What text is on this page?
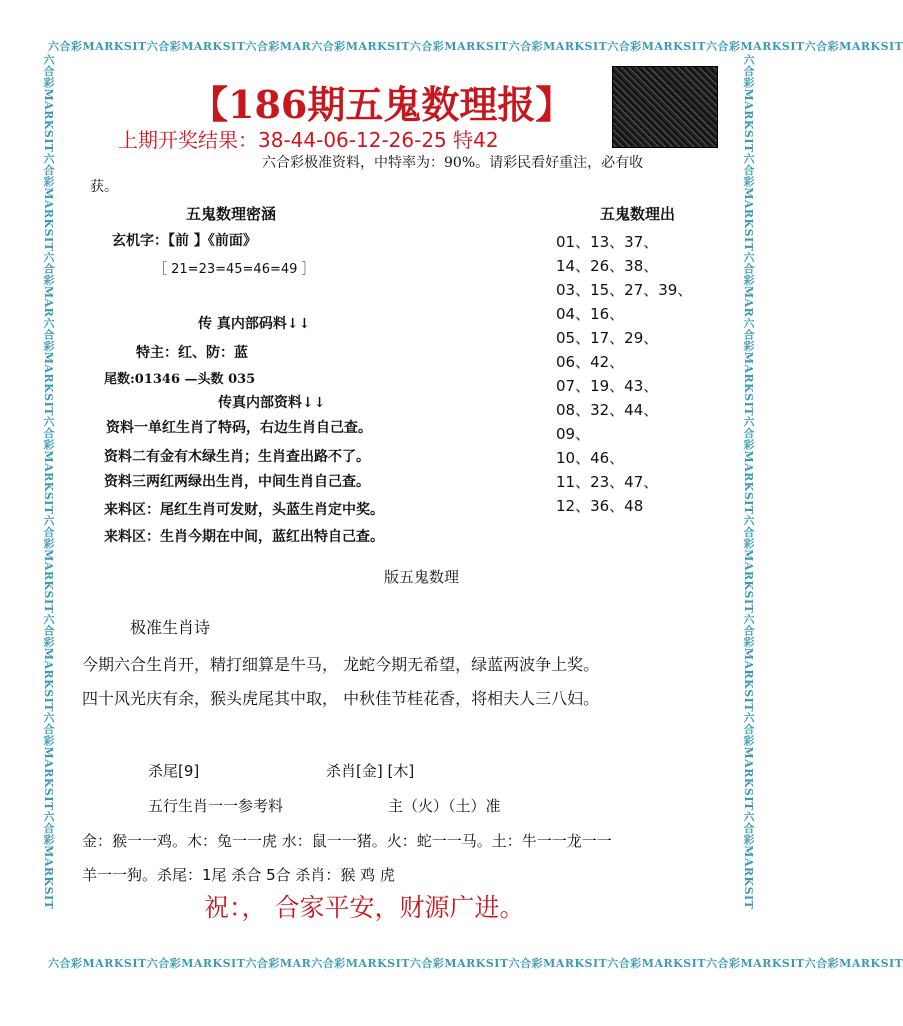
六合彩MARKSIT六合彩MARKSIT六合彩MAR六合彩MARKSIT六合彩MARKSIT六合彩MARKSIT六合彩MARKSIT六合彩MARKSIT六合彩MARKSIT
六合彩MARKSIT六合彩MARKSIT六合彩MAR六合彩MARKSIT六合彩MARKSIT六合彩MARKSIT六合彩MARKSIT六合彩MARKSIT六合彩MARKSIT
六合彩MARKSIT六合彩MARKSIT六合彩MAR六合彩MARKSIT六合彩MARKSIT六合彩MARKSIT六合彩MARKSIT六合彩MARKSIT六合彩MARKSIT	六合彩MARKSIT六合彩MARKSIT六合彩MAR六合彩MARKSIT六合彩MARKSIT六合彩MARKSIT六合彩MARKSIT六合彩MARKSIT六合彩MARKSIT
【186期五鬼数理报】
上期开奖结果：38-44-06-12-26-25 特42
六合彩极准资料，中特率为：90%。请彩民看好重注，必有收
获。
五鬼数理密涵
玄机字：【前 】《前面》
［ 21=23=45=46=49 ］
传 真内部码料↓↓
特主：红、防：蓝
尾数:01346 —头数 035
传真内部资料↓↓
资料一单红生肖了特码，右边生肖自己查。
资料二有金有木绿生肖；生肖查出路不了。
资料三两红两绿出生肖，中间生肖自己查。
来料区：尾红生肖可发财，头蓝生肖定中奖。
来料区：生肖今期在中间，蓝红出特自己查。
五鬼数理出
01、13、37、
14、26、38、
03、15、27、39、
04、16、
05、17、29、
06、42、
07、19、43、
08、32、44、
09、
10、46、
11、23、47、
12、36、48
版五鬼数理
极准生肖诗
今期六合生肖开，精打细算是牛马， 龙蛇今期无希望，绿蓝两波争上奖。
四十风光庆有余，猴头虎尾其中取， 中秋佳节桂花香，将相夫人三八妇。
杀尾[9]	杀肖[金] [木]
五行生肖一一参考料	主（火）（土）准
金：猴一一鸡。木：兔一一虎 水：鼠一一猪。火：蛇一一马。土：牛一一龙一一
羊一一狗。杀尾：1尾 杀合 5合 杀肖：猴 鸡 虎
祝：， 合家平安，财源广进。
